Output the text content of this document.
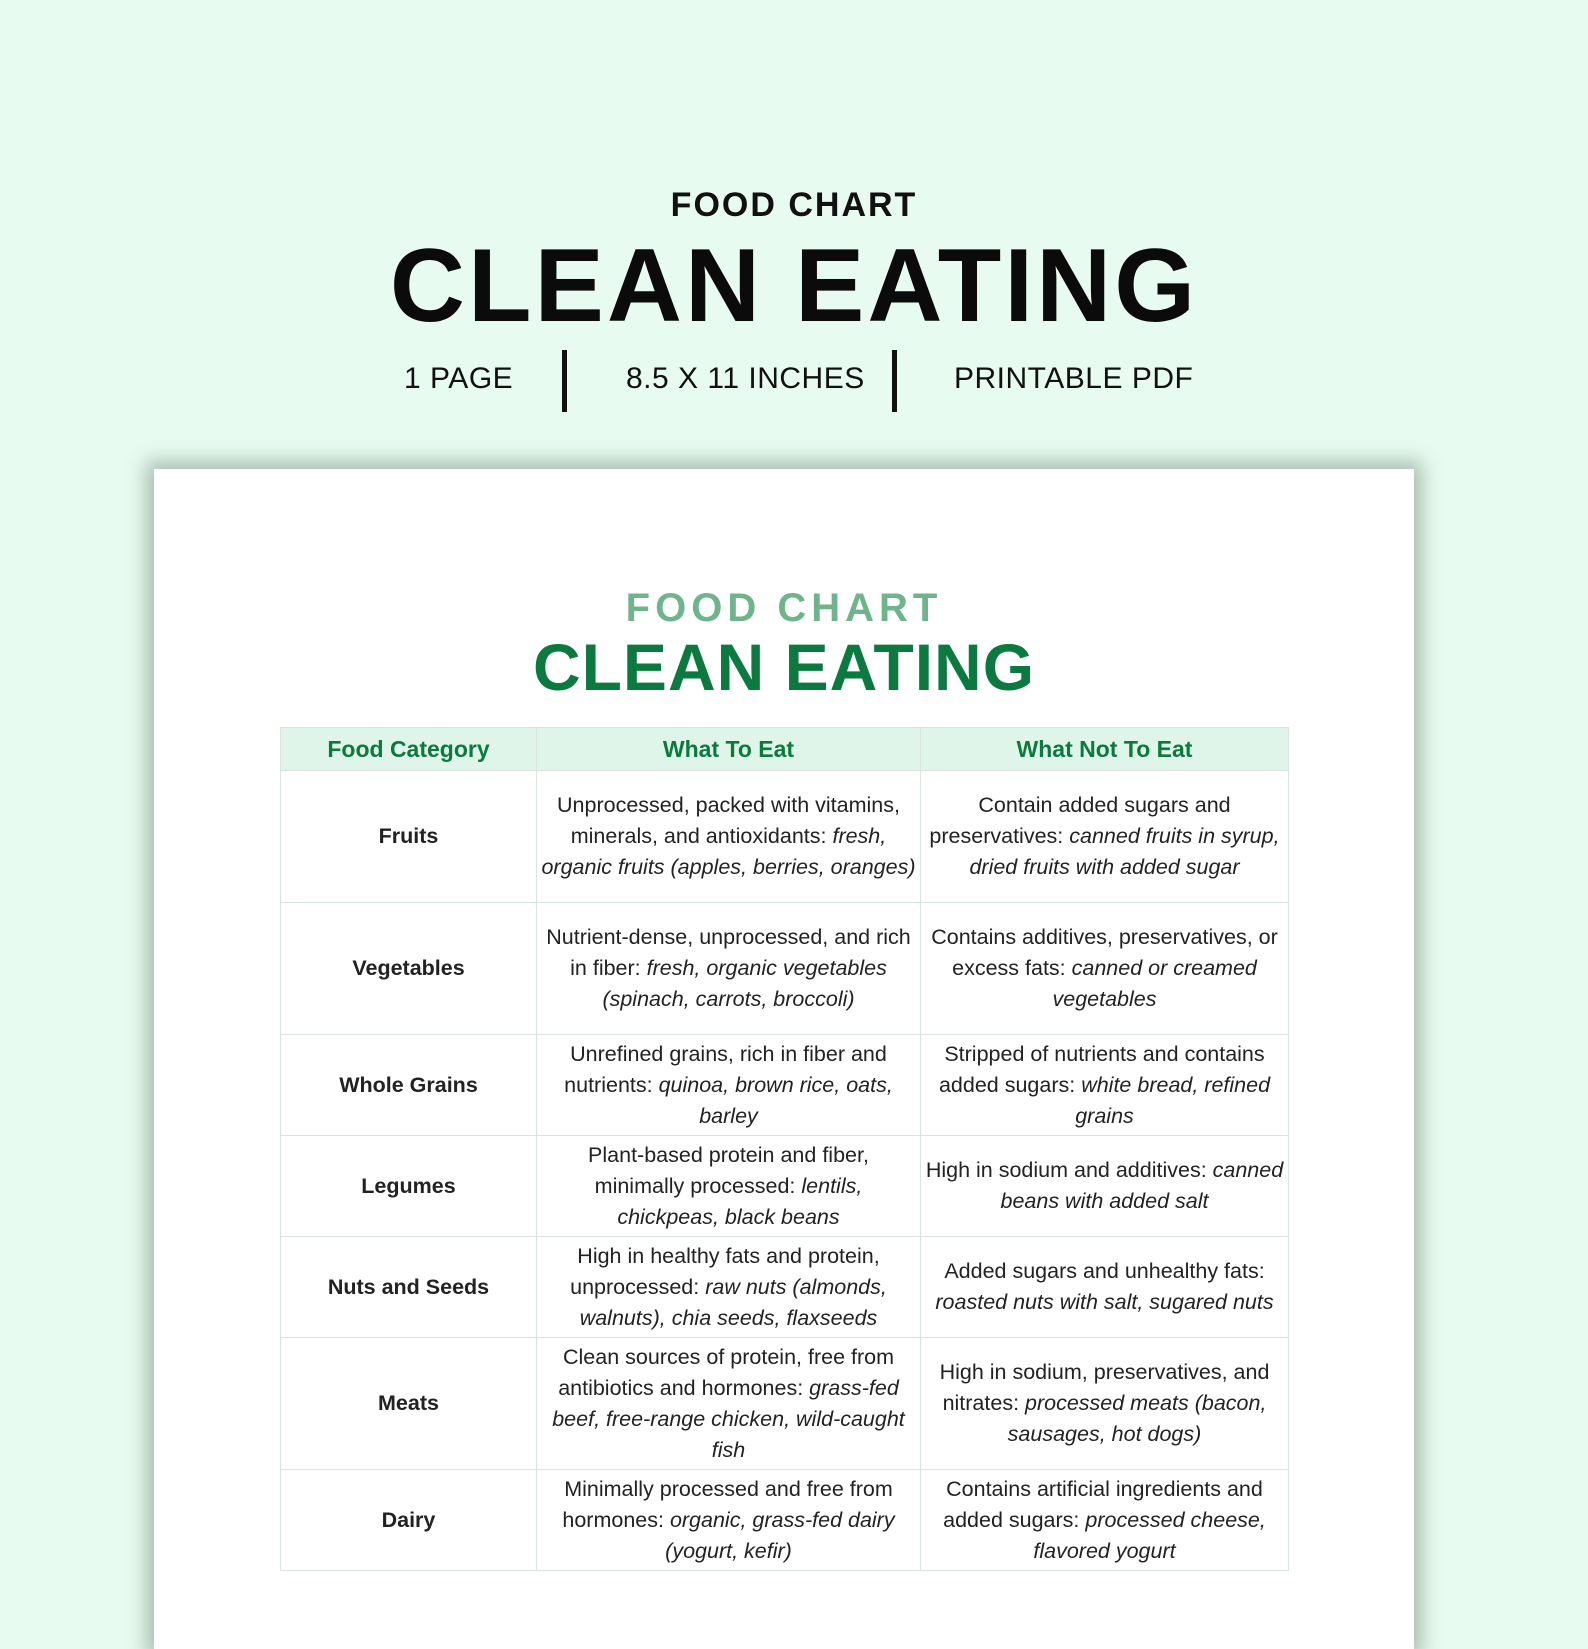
FOOD CHART
CLEAN EATING
1 PAGE	8.5 X 11 INCHES	PRINTABLE PDF
FOOD CHART
CLEAN EATING
Food Category	What To Eat	What Not To Eat
Fruits	Unprocessed, packed with vitamins, minerals, and antioxidants: fresh, organic fruits (apples, berries, oranges)	Contain added sugars and preservatives: canned fruits in syrup, dried fruits with added sugar
Vegetables	Nutrient-dense, unprocessed, and rich in fiber: fresh, organic vegetables (spinach, carrots, broccoli)	Contains additives, preservatives, or excess fats: canned or creamed vegetables
Whole Grains	Unrefined grains, rich in fiber and nutrients: quinoa, brown rice, oats, barley	Stripped of nutrients and contains added sugars: white bread, refined grains
Legumes	Plant-based protein and fiber, minimally processed: lentils, chickpeas, black beans	High in sodium and additives: canned beans with added salt
Nuts and Seeds	High in healthy fats and protein, unprocessed: raw nuts (almonds, walnuts), chia seeds, flaxseeds	Added sugars and unhealthy fats: roasted nuts with salt, sugared nuts
Meats	Clean sources of protein, free from antibiotics and hormones: grass-fed beef, free-range chicken, wild-caught fish	High in sodium, preservatives, and nitrates: processed meats (bacon, sausages, hot dogs)
Dairy	Minimally processed and free from hormones: organic, grass-fed dairy (yogurt, kefir)	Contains artificial ingredients and added sugars: processed cheese, flavored yogurt
